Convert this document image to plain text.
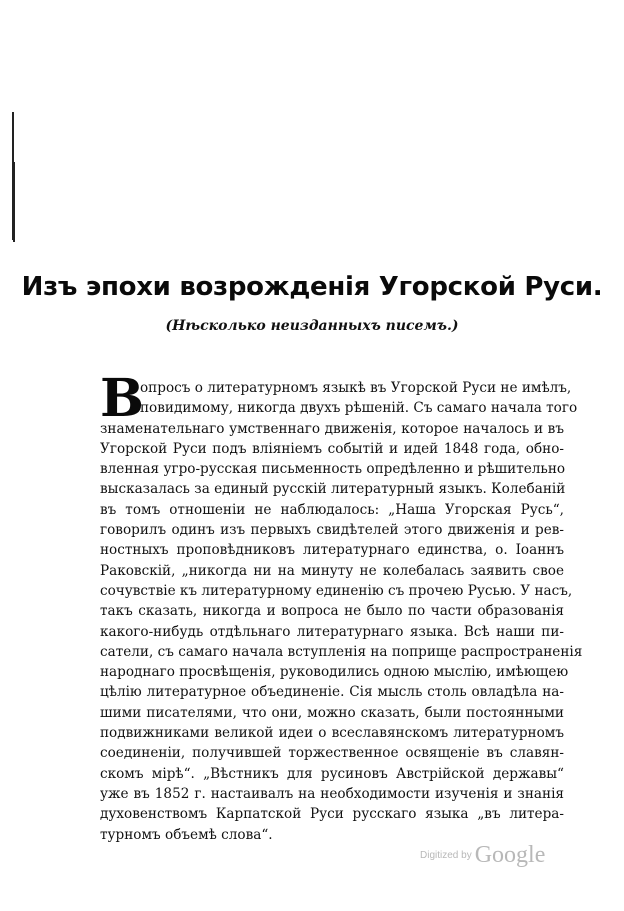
Изъ эпохи возрожденія Угорской Руси.
(Нѣсколько неизданныхъ писемъ.)
В
опросъ о литературномъ языкѣ въ Угорской Руси не имѣлъ,
повидимому, никогда двухъ рѣшеній. Съ самаго начала того
знаменательнаго умственнаго движенія, которое началось и въ
Угорской Руси подъ вліяніемъ событій и идей 1848 года, обно-
вленная угро-русская письменность опредѣленно и рѣшительно
высказалась за единый русскій литературный языкъ. Колебаній
въ томъ отношеніи не наблюдалось: „Наша Угорская Русь“,
говорилъ одинъ изъ первыхъ свидѣтелей этого движенія и рев-
ностныхъ проповѣдниковъ литературнаго единства, о. Іоаннъ
Раковскій, „никогда ни на минуту не колебалась заявить свое
сочувствіе къ литературному единенію съ прочею Русью. У насъ,
такъ сказать, никогда и вопроса не было по части образованія
какого-нибудь отдѣльнаго литературнаго языка. Всѣ наши пи-
сатели, съ самаго начала вступленія на поприще распространенія
народнаго просвѣщенія, руководились одною мыслію, имѣющею
цѣлію литературное объединеніе. Сія мысль столь овладѣла на-
шими писателями, что они, можно сказать, были постоянными
подвижниками великой идеи о всеславянскомъ литературномъ
соединеніи, получившей торжественное освященіе въ славян-
скомъ мірѣ“. „Вѣстникъ для русиновъ Австрійской державы“
уже въ 1852 г. настаивалъ на необходимости изученія и знанія
духовенствомъ Карпатской Руси русскаго языка „въ литера-
турномъ объемѣ слова“.
Digitized by Google
